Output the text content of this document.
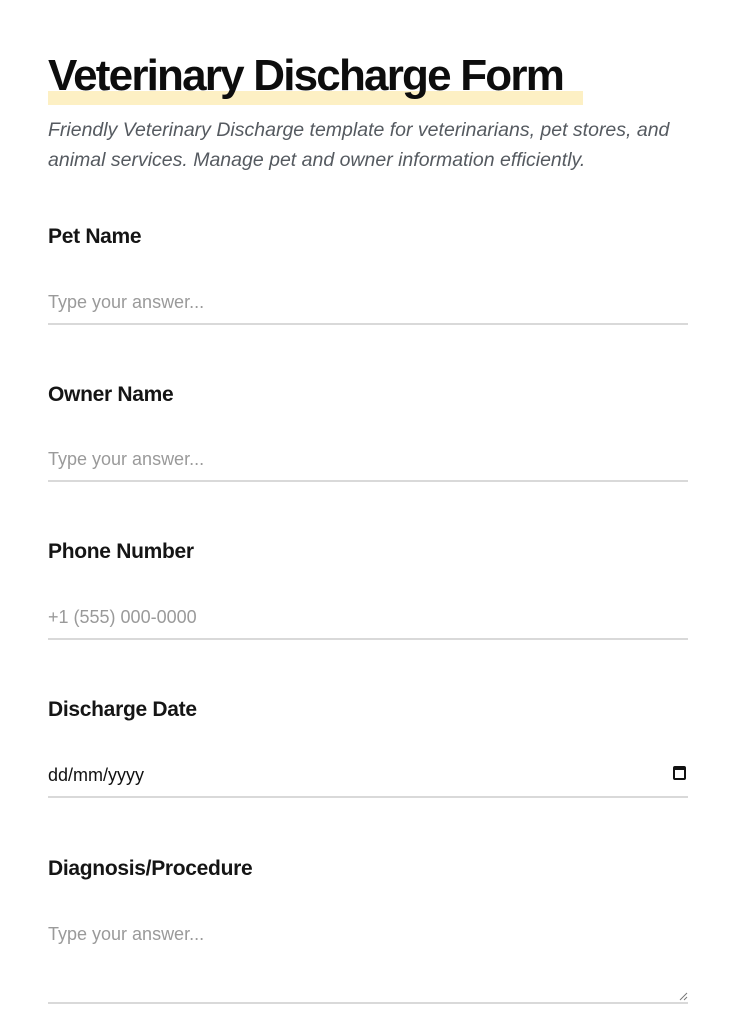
Veterinary Discharge Form

Friendly Veterinary Discharge template for veterinarians, pet stores, and animal services. Manage pet and owner information efficiently.

Pet Name
Type your answer...
Owner Name
Type your answer...
Phone Number
+1 (555) 000-0000
Discharge Date
dd/mm/yyyy
Diagnosis/Procedure
Type your answer...
